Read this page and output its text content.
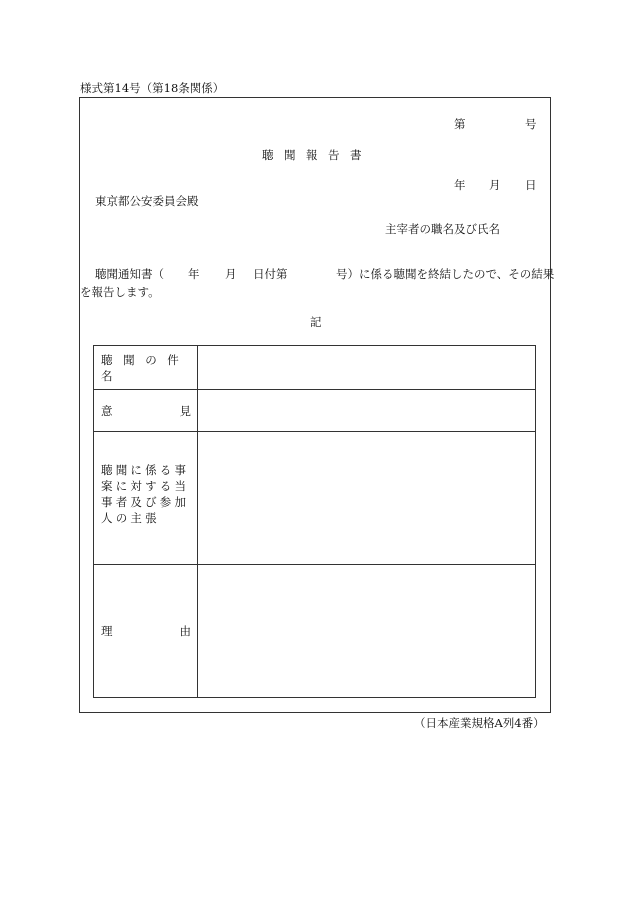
様式第14号（第18条関係）
第	号
聴聞報告書
年 月 日
東京都公安委員会殿
主宰者の職名及び氏名
聴聞通知書（ 年 月 日付第	号）に係る聴聞を終結したので、その結果
を報告します。
記
聴聞の件名	

意 見	

聴聞に係る事案に対する当事者及び参加人の主張	

理 由	

（日本産業規格A列4番）
